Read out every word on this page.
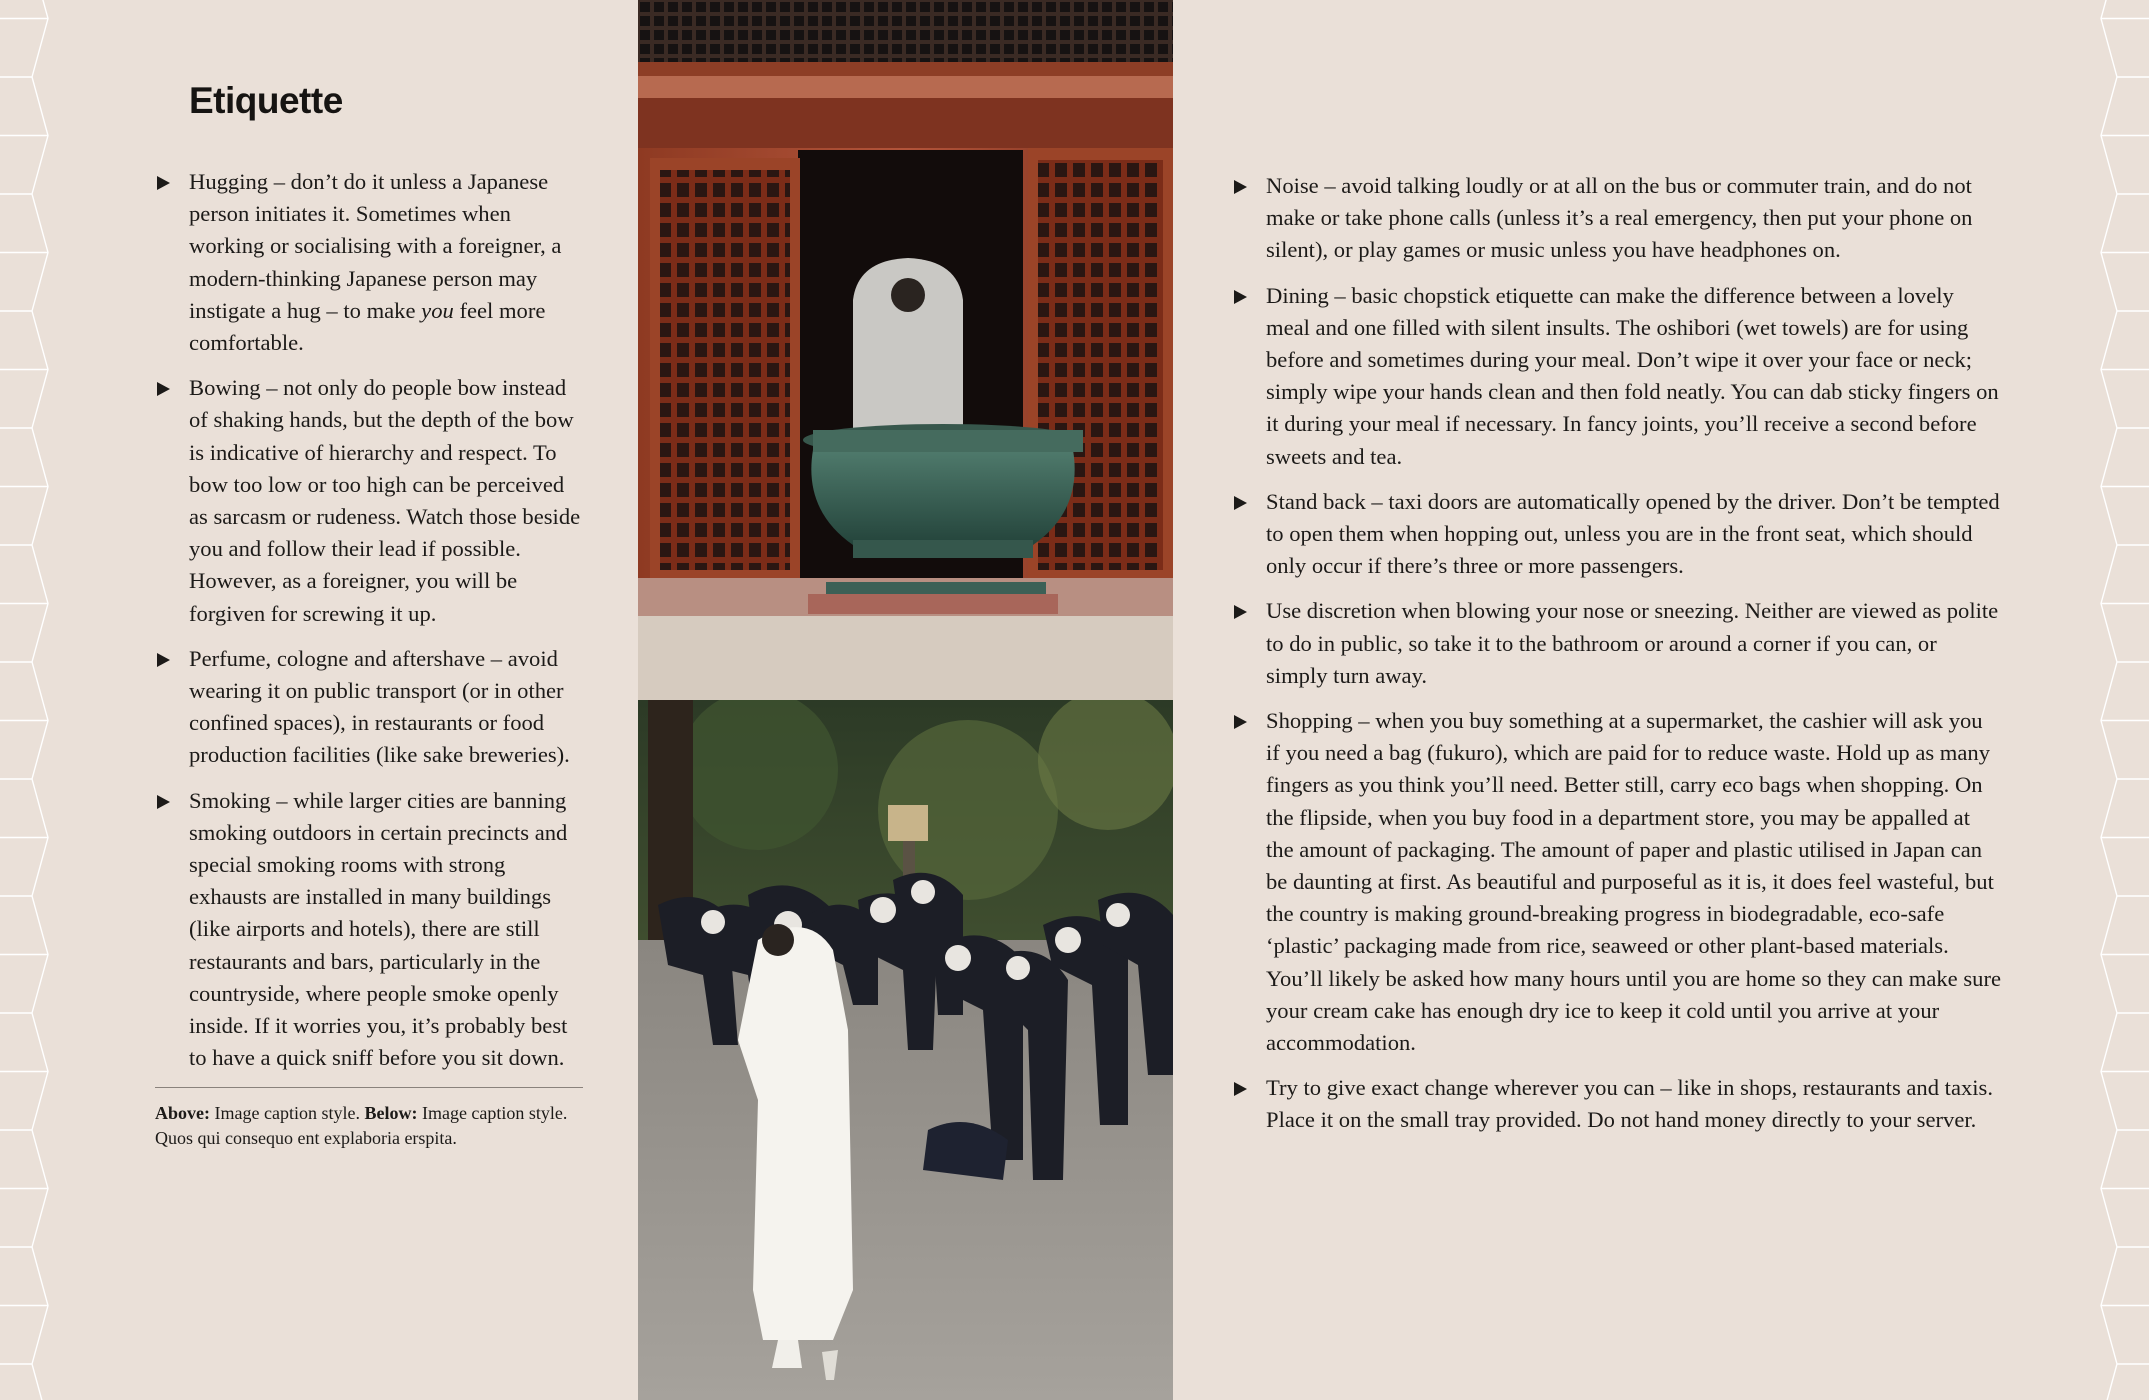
Etiquette
Hugging – don’t do it unless a Japanese person initiates it. Sometimes when working or socialising with a foreigner, a modern-thinking Japanese person may instigate a hug – to make you feel more comfortable.
Bowing – not only do people bow instead of shaking hands, but the depth of the bow is indicative of hierarchy and respect. To bow too low or too high can be perceived as sarcasm or rudeness. Watch those beside you and follow their lead if possible. However, as a foreigner, you will be forgiven for screwing it up.
Perfume, cologne and aftershave – avoid wearing it on public transport (or in other confined spaces), in restaurants or food production facilities (like sake breweries).
Smoking – while larger cities are banning smoking outdoors in certain precincts and special smoking rooms with strong exhausts are installed in many buildings (like airports and hotels), there are still restaurants and bars, particularly in the countryside, where people smoke openly inside. If it worries you, it’s probably best to have a quick sniff before you sit down.
Above: Image caption style. Below: Image caption style. Quos qui consequo ent explaboria erspita.
Noise – avoid talking loudly or at all on the bus or commuter train, and do not make or take phone calls (unless it’s a real emergency, then put your phone on silent), or play games or music unless you have headphones on.
Dining – basic chopstick etiquette can make the difference between a lovely meal and one filled with silent insults. The oshibori (wet towels) are for using before and sometimes during your meal. Don’t wipe it over your face or neck; simply wipe your hands clean and then fold neatly. You can dab sticky fingers on it during your meal if necessary. In fancy joints, you’ll receive a second before sweets and tea.
Stand back – taxi doors are automatically opened by the driver. Don’t be tempted to open them when hopping out, unless you are in the front seat, which should only occur if there’s three or more passengers.
Use discretion when blowing your nose or sneezing. Neither are viewed as polite to do in public, so take it to the bathroom or around a corner if you can, or simply turn away.
Shopping – when you buy something at a supermarket, the cashier will ask you if you need a bag (fukuro), which are paid for to reduce waste. Hold up as many fingers as you think you’ll need. Better still, carry eco bags when shopping. On the flipside, when you buy food in a department store, you may be appalled at the amount of packaging. The amount of paper and plastic utilised in Japan can be daunting at first. As beautiful and purposeful as it is, it does feel wasteful, but the country is making ground-breaking progress in biodegradable, eco-safe ‘plastic’ packaging made from rice, seaweed or other plant-based materials. You’ll likely be asked how many hours until you are home so they can make sure your cream cake has enough dry ice to keep it cold until you arrive at your accommodation.
Try to give exact change wherever you can – like in shops, restaurants and taxis. Place it on the small tray provided. Do not hand money directly to your server.
